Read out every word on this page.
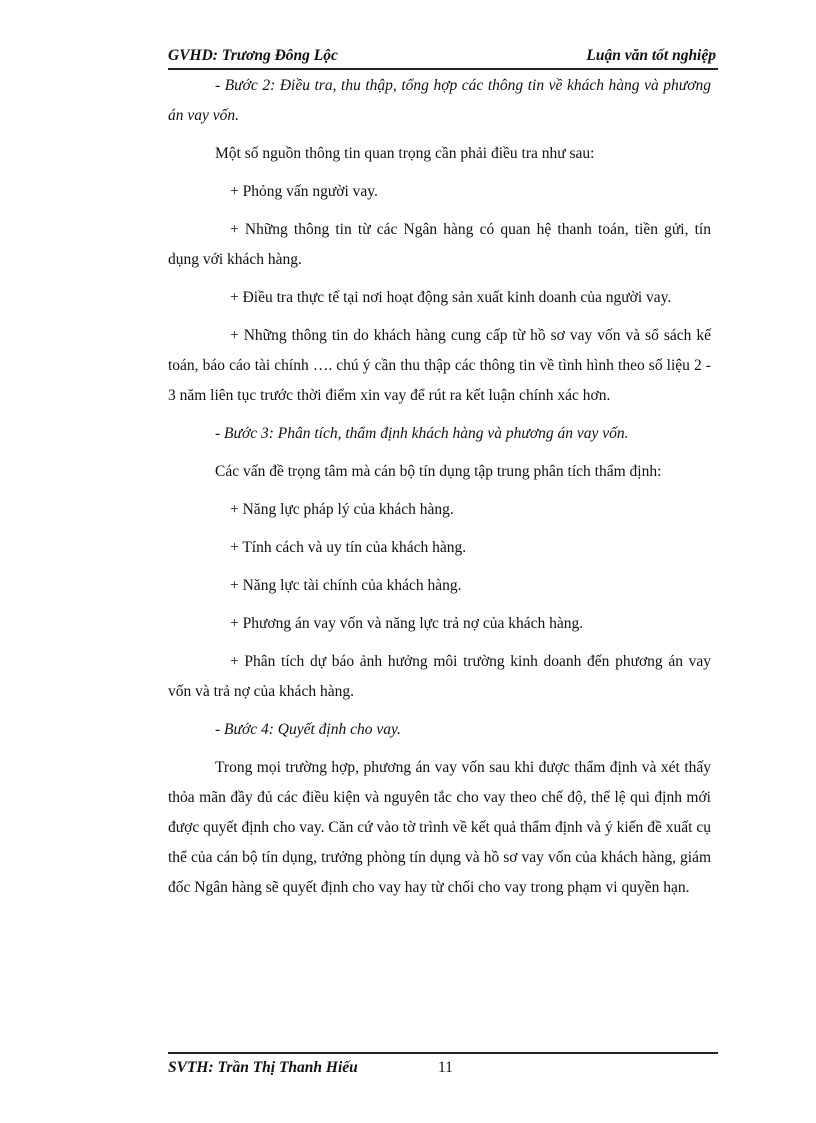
GVHD: Trương Đông Lộc	Luận văn tốt nghiệp

- Bước 2: Điều tra, thu thập, tổng hợp các thông tin về khách hàng và phương án vay vốn.

Một số nguồn thông tin quan trọng cần phải điều tra như sau:

+ Phỏng vấn người vay.

+ Những thông tin từ các Ngân hàng có quan hệ thanh toán, tiền gửi, tín dụng với khách hàng.

+ Điều tra thực tế tại nơi hoạt động sản xuất kinh doanh của người vay.

+ Những thông tin do khách hàng cung cấp từ hồ sơ vay vốn và sổ sách kế toán, báo cáo tài chính …. chú ý cần thu thập các thông tin về tình hình theo số liệu 2 - 3 năm liên tục trước thời điểm xin vay để rút ra kết luận chính xác hơn.

- Bước 3: Phân tích, thẩm định khách hàng và phương án vay vốn.

Các vấn đề trọng tâm mà cán bộ tín dụng tập trung phân tích thẩm định:

+ Năng lực pháp lý của khách hàng.

+ Tính cách và uy tín của khách hàng.

+ Năng lực tài chính của khách hàng.

+ Phương án vay vốn và năng lực trả nợ của khách hàng.

+ Phân tích dự báo ảnh hưởng môi trường kinh doanh đến phương án vay vốn và trả nợ của khách hàng.

- Bước 4: Quyết định cho vay.

Trong mọi trường hợp, phương án vay vốn sau khi được thẩm định và xét thấy thỏa mãn đầy đủ các điều kiện và nguyên tắc cho vay theo chế độ, thể lệ qui định mới được quyết định cho vay. Căn cứ vào tờ trình về kết quả thẩm định và ý kiến đề xuất cụ thể của cán bộ tín dụng, trưởng phòng tín dụng và hồ sơ vay vốn của khách hàng, giám đốc Ngân hàng sẽ quyết định cho vay hay từ chối cho vay trong phạm vi quyền hạn.

SVTH: Trần Thị Thanh Hiếu	11
